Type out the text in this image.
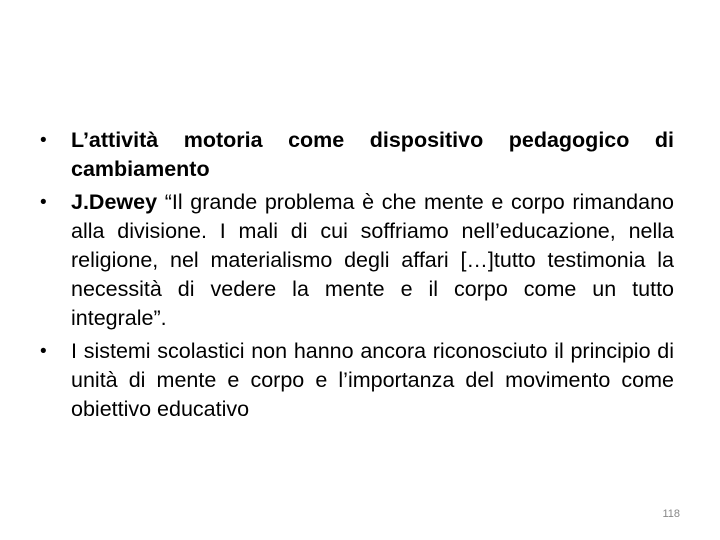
• L’attività motoria come dispositivo pedagogico di cambiamento
• J.Dewey “Il grande problema è che mente e corpo rimandano alla divisione. I mali di cui soffriamo nell’educazione, nella religione, nel materialismo degli affari […]tutto testimonia la necessità di vedere la mente e il corpo come un tutto integrale”.
• I sistemi scolastici non hanno ancora riconosciuto il principio di unità di mente e corpo e l’importanza del movimento come obiettivo educativo
118
